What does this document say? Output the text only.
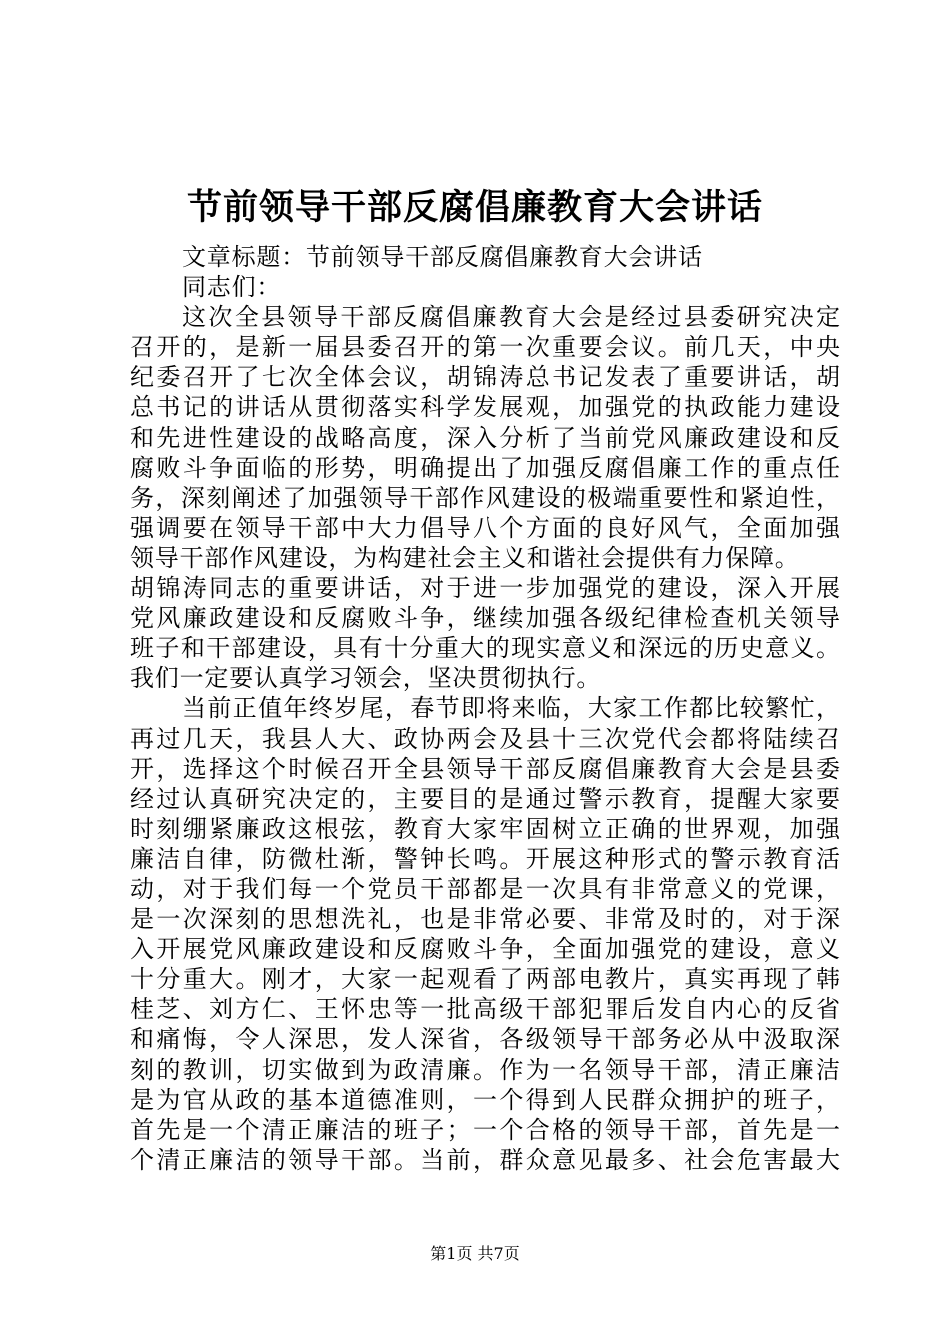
节前领导干部反腐倡廉教育大会讲话
文章标题：节前领导干部反腐倡廉教育大会讲话
同志们：
这次全县领导干部反腐倡廉教育大会是经过县委研究决定
召开的，是新一届县委召开的第一次重要会议。前几天，中央
纪委召开了七次全体会议，胡锦涛总书记发表了重要讲话，胡
总书记的讲话从贯彻落实科学发展观，加强党的执政能力建设
和先进性建设的战略高度，深入分析了当前党风廉政建设和反
腐败斗争面临的形势，明确提出了加强反腐倡廉工作的重点任
务，深刻阐述了加强领导干部作风建设的极端重要性和紧迫性，
强调要在领导干部中大力倡导八个方面的良好风气，全面加强
领导干部作风建设，为构建社会主义和谐社会提供有力保障。
胡锦涛同志的重要讲话，对于进一步加强党的建设，深入开展
党风廉政建设和反腐败斗争，继续加强各级纪律检查机关领导
班子和干部建设，具有十分重大的现实意义和深远的历史意义。
我们一定要认真学习领会，坚决贯彻执行。
当前正值年终岁尾，春节即将来临，大家工作都比较繁忙，
再过几天，我县人大、政协两会及县十三次党代会都将陆续召
开，选择这个时候召开全县领导干部反腐倡廉教育大会是县委
经过认真研究决定的，主要目的是通过警示教育，提醒大家要
时刻绷紧廉政这根弦，教育大家牢固树立正确的世界观，加强
廉洁自律，防微杜渐，警钟长鸣。开展这种形式的警示教育活
动，对于我们每一个党员干部都是一次具有非常意义的党课，
是一次深刻的思想洗礼，也是非常必要、非常及时的，对于深
入开展党风廉政建设和反腐败斗争，全面加强党的建设，意义
十分重大。刚才，大家一起观看了两部电教片，真实再现了韩
桂芝、刘方仁、王怀忠等一批高级干部犯罪后发自内心的反省
和痛悔，令人深思，发人深省，各级领导干部务必从中汲取深
刻的教训，切实做到为政清廉。作为一名领导干部，清正廉洁
是为官从政的基本道德准则，一个得到人民群众拥护的班子，
首先是一个清正廉洁的班子；一个合格的领导干部，首先是一
个清正廉洁的领导干部。当前，群众意见最多、社会危害最大
第1页 共7页
